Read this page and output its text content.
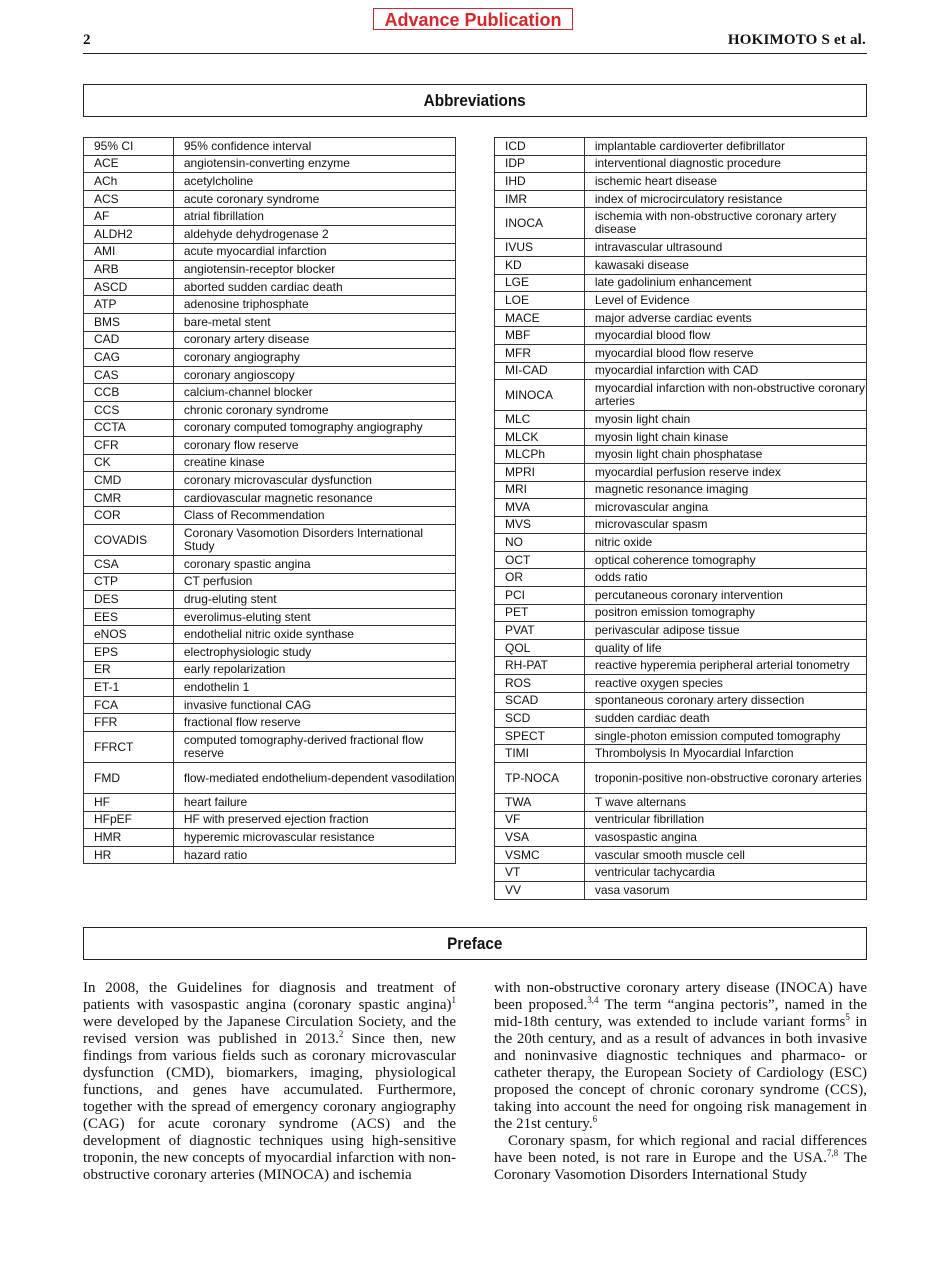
Advance Publication
2	HOKIMOTO S et al.
Abbreviations
95% CI	95% confidence interval
ACE	angiotensin-converting enzyme
ACh	acetylcholine
ACS	acute coronary syndrome
AF	atrial fibrillation
ALDH2	aldehyde dehydrogenase 2
AMI	acute myocardial infarction
ARB	angiotensin-receptor blocker
ASCD	aborted sudden cardiac death
ATP	adenosine triphosphate
BMS	bare-metal stent
CAD	coronary artery disease
CAG	coronary angiography
CAS	coronary angioscopy
CCB	calcium-channel blocker
CCS	chronic coronary syndrome
CCTA	coronary computed tomography angiography
CFR	coronary flow reserve
CK	creatine kinase
CMD	coronary microvascular dysfunction
CMR	cardiovascular magnetic resonance
COR	Class of Recommendation
COVADIS	Coronary Vasomotion Disorders International Study
CSA	coronary spastic angina
CTP	CT perfusion
DES	drug-eluting stent
EES	everolimus-eluting stent
eNOS	endothelial nitric oxide synthase
EPS	electrophysiologic study
ER	early repolarization
ET-1	endothelin 1
FCA	invasive functional CAG
FFR	fractional flow reserve
FFRCT	computed tomography-derived fractional flow reserve
FMD	flow-mediated endothelium-dependent vasodilation
HF	heart failure
HFpEF	HF with preserved ejection fraction
HMR	hyperemic microvascular resistance
HR	hazard ratio
ICD	implantable cardioverter defibrillator
IDP	interventional diagnostic procedure
IHD	ischemic heart disease
IMR	index of microcirculatory resistance
INOCA	ischemia with non-obstructive coronary artery disease
IVUS	intravascular ultrasound
KD	kawasaki disease
LGE	late gadolinium enhancement
LOE	Level of Evidence
MACE	major adverse cardiac events
MBF	myocardial blood flow
MFR	myocardial blood flow reserve
MI-CAD	myocardial infarction with CAD
MINOCA	myocardial infarction with non-obstructive coronary arteries
MLC	myosin light chain
MLCK	myosin light chain kinase
MLCPh	myosin light chain phosphatase
MPRI	myocardial perfusion reserve index
MRI	magnetic resonance imaging
MVA	microvascular angina
MVS	microvascular spasm
NO	nitric oxide
OCT	optical coherence tomography
OR	odds ratio
PCI	percutaneous coronary intervention
PET	positron emission tomography
PVAT	perivascular adipose tissue
QOL	quality of life
RH-PAT	reactive hyperemia peripheral arterial tonometry
ROS	reactive oxygen species
SCAD	spontaneous coronary artery dissection
SCD	sudden cardiac death
SPECT	single-photon emission computed tomography
TIMI	Thrombolysis In Myocardial Infarction
TP-NOCA	troponin-positive non-obstructive coronary arteries
TWA	T wave alternans
VF	ventricular fibrillation
VSA	vasospastic angina
VSMC	vascular smooth muscle cell
VT	ventricular tachycardia
VV	vasa vasorum
Preface

In 2008, the Guidelines for diagnosis and treatment of patients with vasospastic angina (coronary spastic angina)$^1$ were developed by the Japanese Circulation Society, and the revised version was published in 2013.$^2$ Since then, new findings from various fields such as coronary microvascular dysfunction (CMD), biomarkers, imaging, physiological functions, and genes have accumulated. Furthermore, together with the spread of emergency coronary angiography (CAG) for acute coronary syndrome (ACS) and the development of diagnostic techniques using high-sensitive troponin, the new concepts of myocardial infarction with non-obstructive coronary arteries (MINOCA) and ischemia

with non-obstructive coronary artery disease (INOCA) have been proposed.$^{3,4}$ The term “angina pectoris”, named in the mid-18th century, was extended to include variant forms$^5$ in the 20th century, and as a result of advances in both invasive and noninvasive diagnostic techniques and pharmaco- or catheter therapy, the European Society of Cardiology (ESC) proposed the concept of chronic coronary syndrome (CCS), taking into account the need for ongoing risk management in the 21st century.$^6$

Coronary spasm, for which regional and racial differences have been noted, is not rare in Europe and the USA.$^{7,8}$ The Coronary Vasomotion Disorders International Study
